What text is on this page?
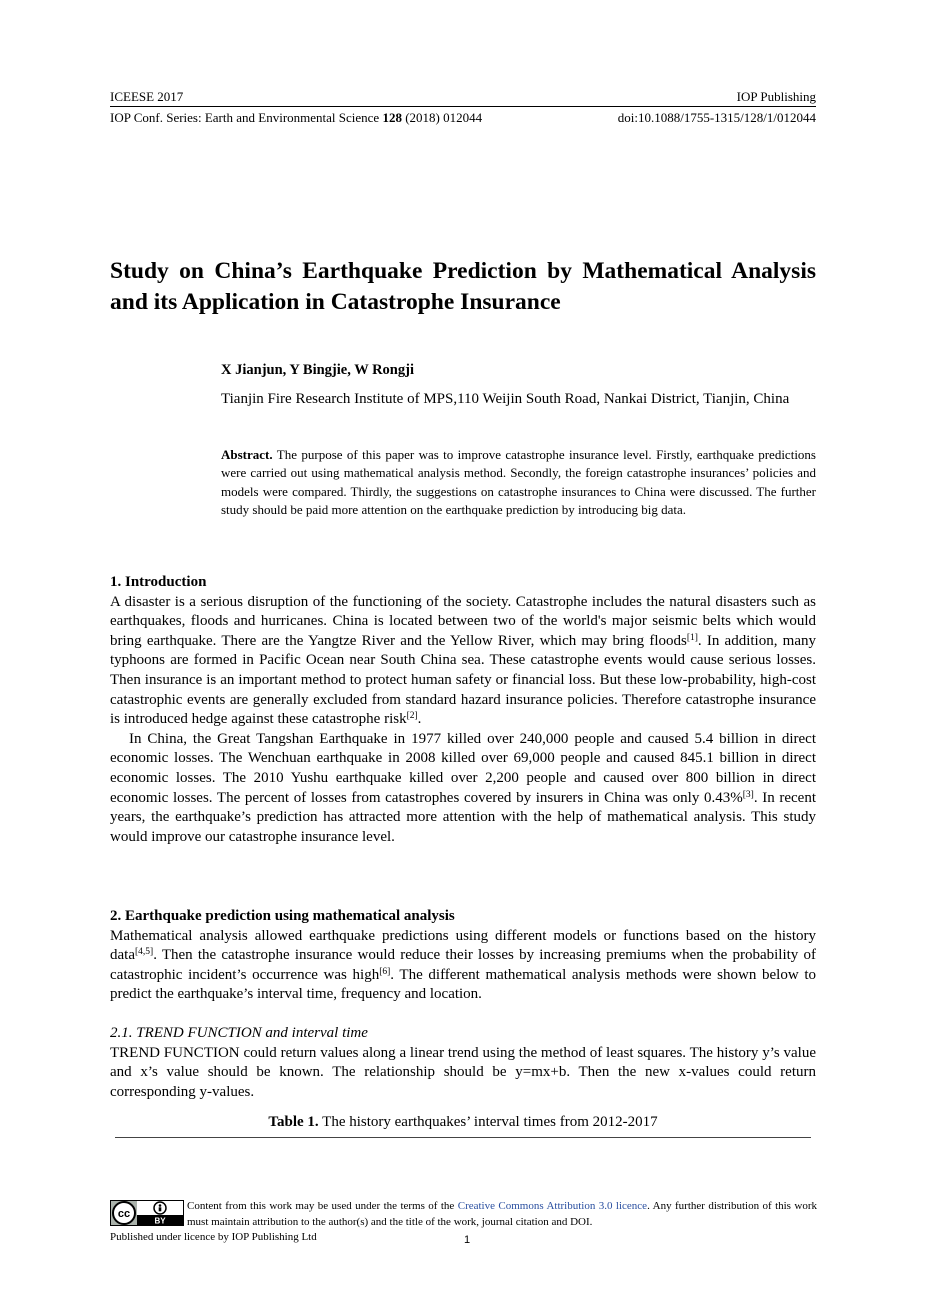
ICEESE 2017	IOP Publishing
IOP Conf. Series: Earth and Environmental Science 128 (2018) 012044	doi:10.1088/1755-1315/128/1/012044
Study on China’s Earthquake Prediction by Mathematical Analysis and its Application in Catastrophe Insurance
X Jianjun, Y Bingjie, W Rongji
Tianjin Fire Research Institute of MPS,110 Weijin South Road, Nankai District, Tianjin, China
Abstract. The purpose of this paper was to improve catastrophe insurance level. Firstly, earthquake predictions were carried out using mathematical analysis method. Secondly, the foreign catastrophe insurances’ policies and models were compared. Thirdly, the suggestions on catastrophe insurances to China were discussed. The further study should be paid more attention on the earthquake prediction by introducing big data.
1. Introduction

A disaster is a serious disruption of the functioning of the society. Catastrophe includes the natural disasters such as earthquakes, floods and hurricanes. China is located between two of the world's major seismic belts which would bring earthquake. There are the Yangtze River and the Yellow River, which may bring floods[1]. In addition, many typhoons are formed in Pacific Ocean near South China sea. These catastrophe events would cause serious losses. Then insurance is an important method to protect human safety or financial loss. But these low-probability, high-cost catastrophic events are generally excluded from standard hazard insurance policies. Therefore catastrophe insurance is introduced hedge against these catastrophe risk[2].

In China, the Great Tangshan Earthquake in 1977 killed over 240,000 people and caused 5.4 billion in direct economic losses. The Wenchuan earthquake in 2008 killed over 69,000 people and caused 845.1 billion in direct economic losses. The 2010 Yushu earthquake killed over 2,200 people and caused over 800 billion in direct economic losses. The percent of losses from catastrophes covered by insurers in China was only 0.43%[3]. In recent years, the earthquake’s prediction has attracted more attention with the help of mathematical analysis. This study would improve our catastrophe insurance level.

2. Earthquake prediction using mathematical analysis

Mathematical analysis allowed earthquake predictions using different models or functions based on the history data[4,5]. Then the catastrophe insurance would reduce their losses by increasing premiums when the probability of catastrophic incident’s occurrence was high[6]. The different mathematical analysis methods were shown below to predict the earthquake’s interval time, frequency and location.

2.1. TREND FUNCTION and interval time

TREND FUNCTION could return values along a linear trend using the method of least squares. The history y’s value and x’s value should be known. The relationship should be y=mx+b. Then the new x-values could return corresponding y-values.

Table 1. The history earthquakes’ interval times from 2012-2017
cc
BY
Content from this work may be used under the terms of the Creative Commons Attribution 3.0 licence. Any further distribution of this work must maintain attribution to the author(s) and the title of the work, journal citation and DOI.
Published under licence by IOP Publishing Ltd	1
